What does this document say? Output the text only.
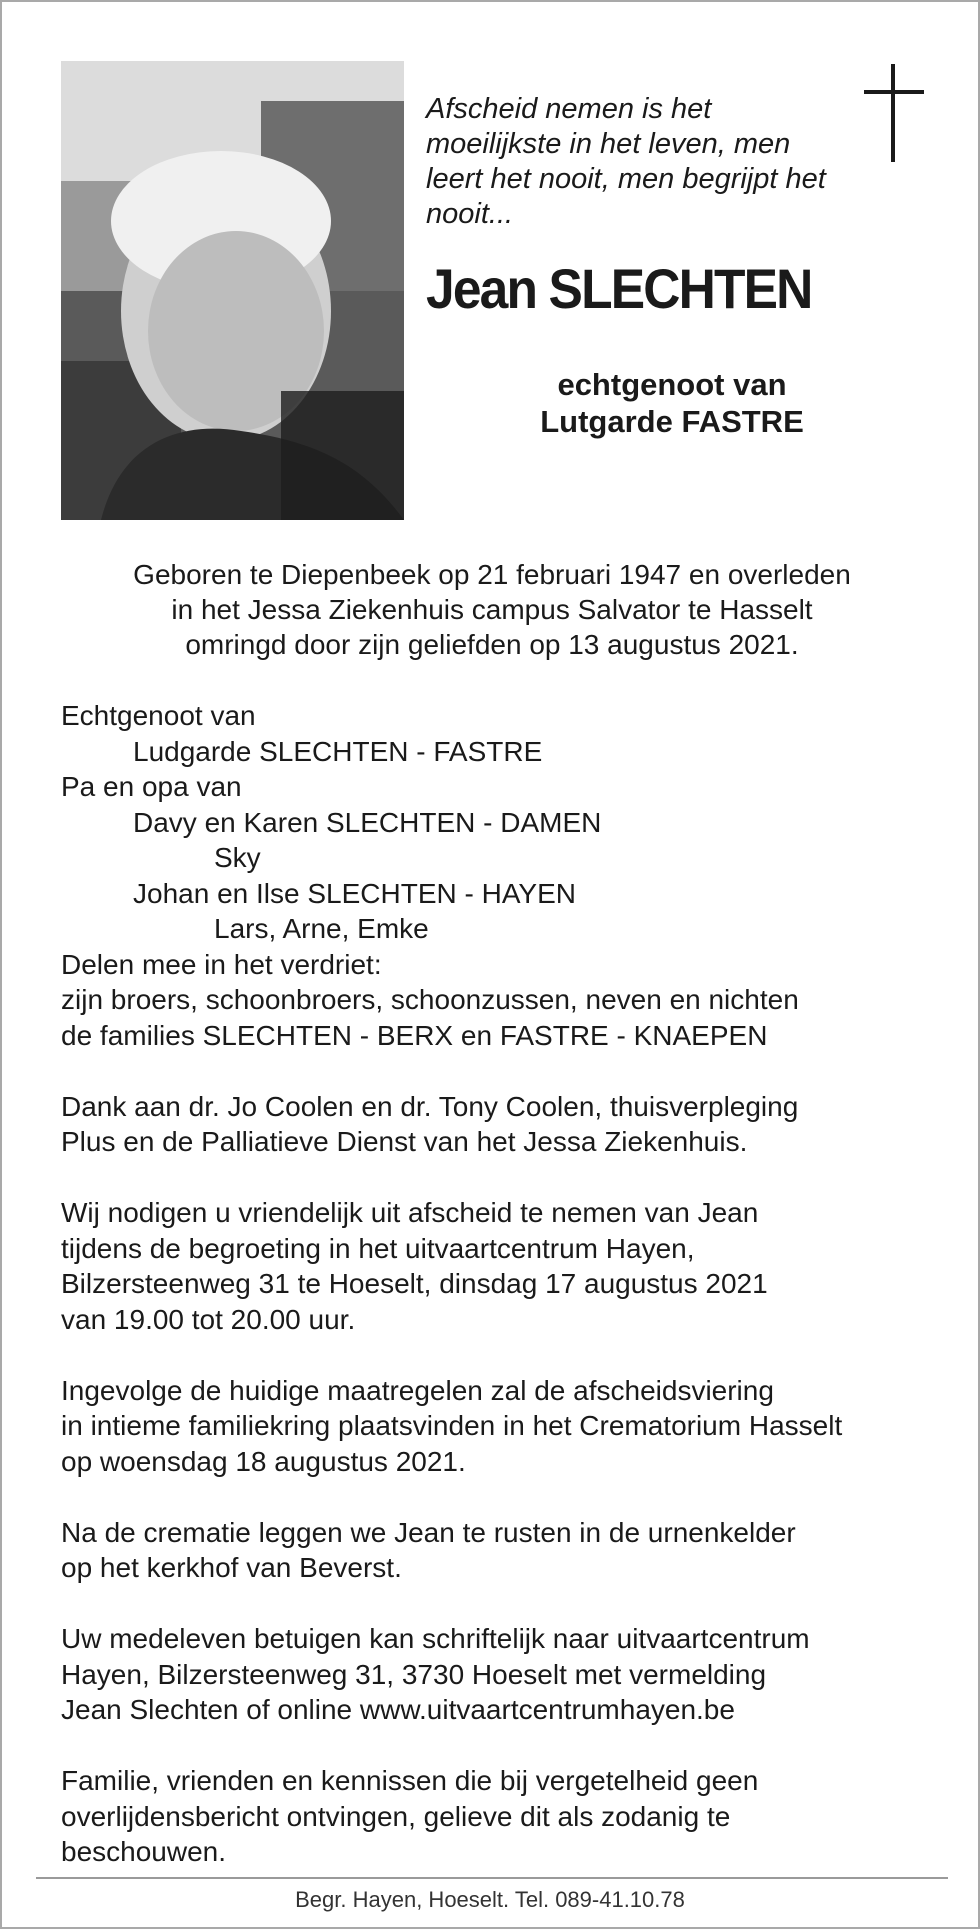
Afscheid nemen is het
moeilijkste in het leven, men
leert het nooit, men begrijpt het
nooit...
Jean SLECHTEN
echtgenoot van
Lutgarde FASTRE
Geboren te Diepenbeek op 21 februari 1947 en overleden
in het Jessa Ziekenhuis campus Salvator te Hasselt
omringd door zijn geliefden op 13 augustus 2021.
Echtgenoot van
Ludgarde SLECHTEN - FASTRE
Pa en opa van
Davy en Karen SLECHTEN - DAMEN
Sky
Johan en Ilse SLECHTEN - HAYEN
Lars, Arne, Emke
Delen mee in het verdriet:
zijn broers, schoonbroers, schoonzussen, neven en nichten
de families SLECHTEN - BERX en FASTRE - KNAEPEN
Dank aan dr. Jo Coolen en dr. Tony Coolen, thuisverpleging
Plus en de Palliatieve Dienst van het Jessa Ziekenhuis.
Wij nodigen u vriendelijk uit afscheid te nemen van Jean
tijdens de begroeting in het uitvaartcentrum Hayen,
Bilzersteenweg 31 te Hoeselt, dinsdag 17 augustus 2021
van 19.00 tot 20.00 uur.
Ingevolge de huidige maatregelen zal de afscheidsviering
in intieme familiekring plaatsvinden in het Crematorium Hasselt
op woensdag 18 augustus 2021.
Na de crematie leggen we Jean te rusten in de urnenkelder
op het kerkhof van Beverst.
Uw medeleven betuigen kan schriftelijk naar uitvaartcentrum
Hayen, Bilzersteenweg 31, 3730 Hoeselt met vermelding
Jean Slechten of online www.uitvaartcentrumhayen.be
Familie, vrienden en kennissen die bij vergetelheid geen
overlijdensbericht ontvingen, gelieve dit als zodanig te
beschouwen.
Begr. Hayen, Hoeselt. Tel. 089-41.10.78
